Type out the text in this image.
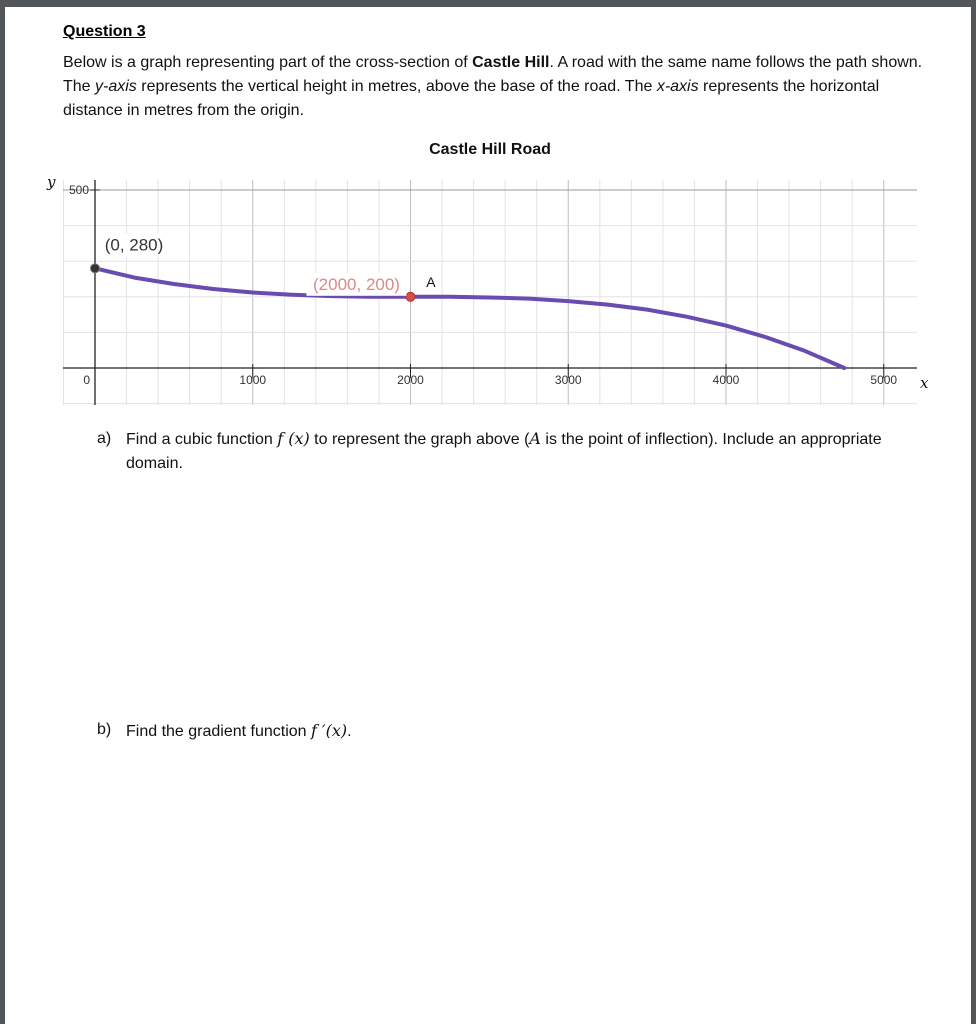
Question 3
Below is a graph representing part of the cross-section of Castle Hill. A road with the same name follows the path shown. The y-axis represents the vertical height in metres, above the base of the road. The x-axis represents the horizontal distance in metres from the origin.
Castle Hill Road
0	1000	2000	3000	4000	5000
500
x
y
(0, 280)
(2000, 200) A
a) Find a cubic function f (x) to represent the graph above (A is the point of inflection). Include an appropriate domain.
b) Find the gradient function f ′(x).
